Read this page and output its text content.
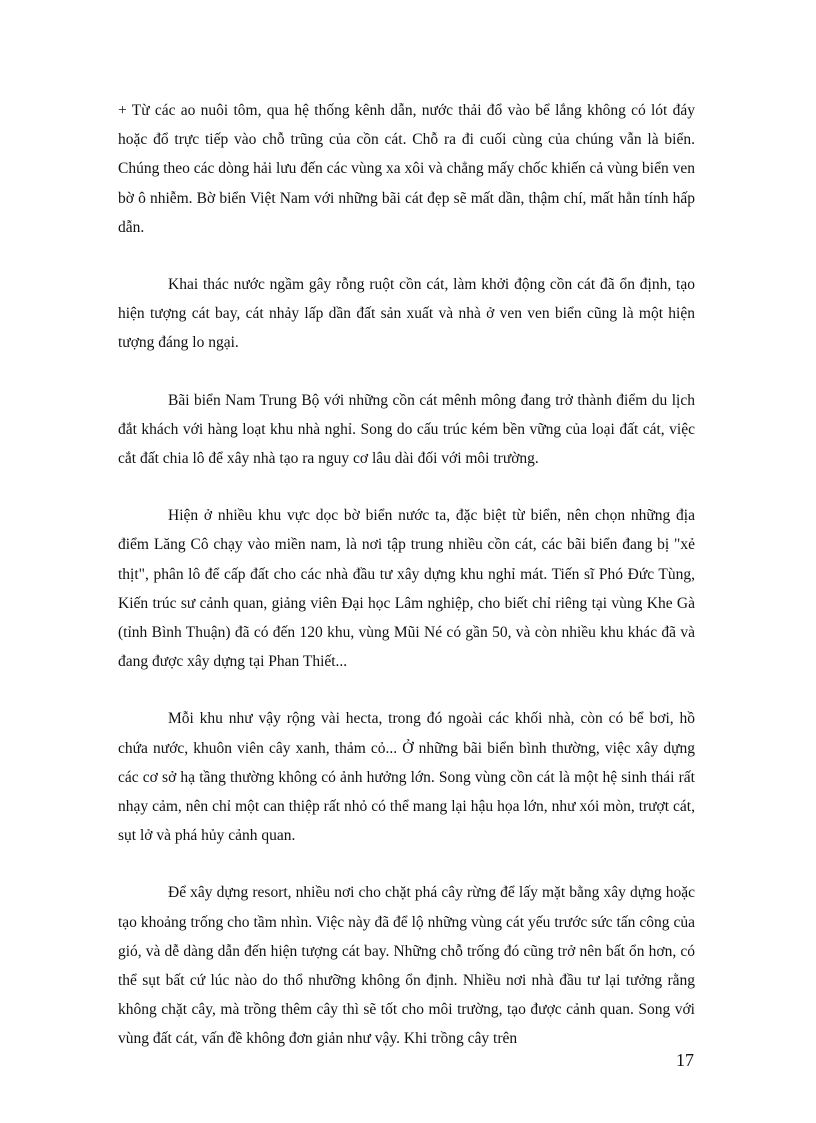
+ Từ các ao nuôi tôm, qua hệ thống kênh dẫn, nước thải đổ vào bể lắng không có lót đáy hoặc đổ trực tiếp vào chỗ trũng của cồn cát. Chỗ ra đi cuối cùng của chúng vẫn là biển. Chúng theo các dòng hải lưu đến các vùng xa xôi và chẳng mấy chốc khiến cả vùng biển ven bờ ô nhiễm. Bờ biển Việt Nam với những bãi cát đẹp sẽ mất dần, thậm chí, mất hẳn tính hấp dẫn.

Khai thác nước ngầm gây rỗng ruột cồn cát, làm khởi động cồn cát đã ổn định, tạo hiện tượng cát bay, cát nhảy lấp dần đất sản xuất và nhà ở ven ven biển cũng là một hiện tượng đáng lo ngại.

Bãi biển Nam Trung Bộ với những cồn cát mênh mông đang trở thành điểm du lịch đắt khách với hàng loạt khu nhà nghỉ. Song do cấu trúc kém bền vững của loại đất cát, việc cắt đất chia lô để xây nhà tạo ra nguy cơ lâu dài đối với môi trường.

Hiện ở nhiều khu vực dọc bờ biển nước ta, đặc biệt từ biển, nên chọn những địa điểm Lăng Cô chạy vào miền nam, là nơi tập trung nhiều cồn cát, các bãi biển đang bị "xẻ thịt", phân lô để cấp đất cho các nhà đầu tư xây dựng khu nghỉ mát. Tiến sĩ Phó Đức Tùng, Kiến trúc sư cảnh quan, giảng viên Đại học Lâm nghiệp, cho biết chỉ riêng tại vùng Khe Gà (tỉnh Bình Thuận) đã có đến 120 khu, vùng Mũi Né có gần 50, và còn nhiều khu khác đã và đang được xây dựng tại Phan Thiết...

Mỗi khu như vậy rộng vài hecta, trong đó ngoài các khối nhà, còn có bể bơi, hồ chứa nước, khuôn viên cây xanh, thảm cỏ... Ở những bãi biển bình thường, việc xây dựng các cơ sở hạ tầng thường không có ảnh hưởng lớn. Song vùng cồn cát là một hệ sinh thái rất nhạy cảm, nên chỉ một can thiệp rất nhỏ có thể mang lại hậu họa lớn, như xói mòn, trượt cát, sụt lở và phá hủy cảnh quan.

Để xây dựng resort, nhiều nơi cho chặt phá cây rừng để lấy mặt bằng xây dựng hoặc tạo khoảng trống cho tầm nhìn. Việc này đã để lộ những vùng cát yếu trước sức tấn công của gió, và dễ dàng dẫn đến hiện tượng cát bay. Những chỗ trống đó cũng trở nên bất ổn hơn, có thể sụt bất cứ lúc nào do thổ nhưỡng không ổn định. Nhiều nơi nhà đầu tư lại tưởng rằng không chặt cây, mà trồng thêm cây thì sẽ tốt cho môi trường, tạo được cảnh quan. Song với vùng đất cát, vấn đề không đơn giản như vậy. Khi trồng cây trên

17
